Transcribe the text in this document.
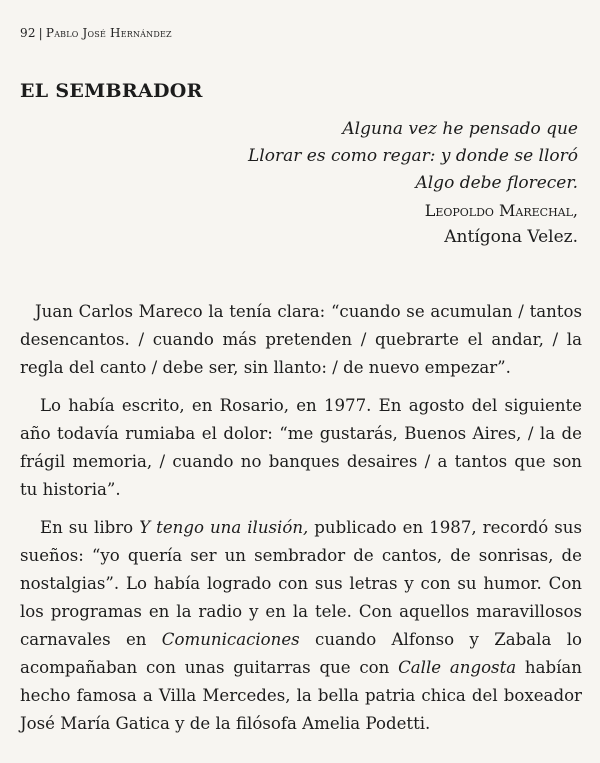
92 | Pablo José Hernández
EL SEMBRADOR
Alguna vez he pensado que
Llorar es como regar: y donde se lloró
Algo debe florecer.
Leopoldo Marechal,
Antígona Velez.

Juan Carlos Mareco la tenía clara: “cuando se acumulan / tantos desencantos. / cuando más pretenden / quebrarte el andar, / la regla del canto / debe ser, sin llanto: / de nuevo empezar”.

Lo había escrito, en Rosario, en 1977. En agosto del siguiente año todavía rumiaba el dolor: “me gustarás, Buenos Aires, / la de frágil memoria, / cuando no banques desaires / a tantos que son tu historia”.

En su libro Y tengo una ilusión, publicado en 1987, recordó sus sueños: “yo quería ser un sembrador de cantos, de sonrisas, de nostalgias”. Lo había logrado con sus letras y con su humor. Con los programas en la radio y en la tele. Con aquellos maravillosos carnavales en Comunicaciones cuando Alfonso y Zabala lo acompañaban con unas guitarras que con Calle angosta habían hecho famosa a Villa Mercedes, la bella patria chica del boxeador José María Gatica y de la filósofa Amelia Podetti.
